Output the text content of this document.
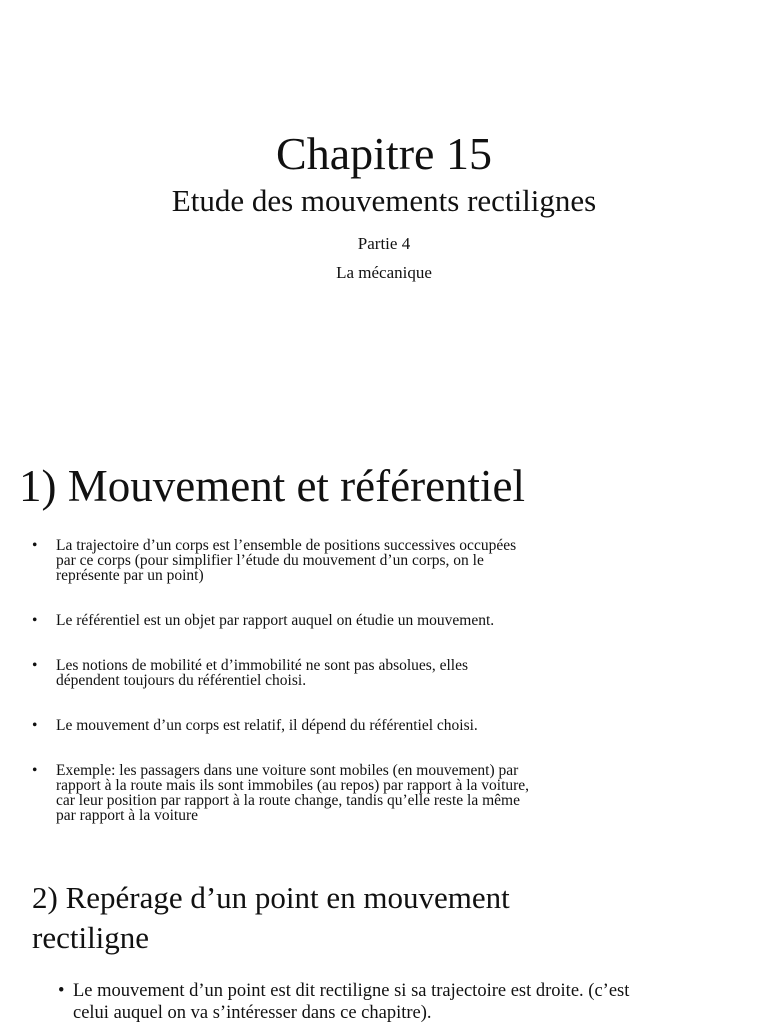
Chapitre 15
Etude des mouvements rectilignes
Partie 4
La mécanique
1) Mouvement et référentiel
• La trajectoire d’un corps est l’ensemble de positions successives occupées
par ce corps (pour simplifier l’étude du mouvement d’un corps, on le
représente par un point)
• Le référentiel est un objet par rapport auquel on étudie un mouvement.
• Les notions de mobilité et d’immobilité ne sont pas absolues, elles
dépendent toujours du référentiel choisi.
• Le mouvement d’un corps est relatif, il dépend du référentiel choisi.
• Exemple: les passagers dans une voiture sont mobiles (en mouvement) par
rapport à la route mais ils sont immobiles (au repos) par rapport à la voiture,
car leur position par rapport à la route change, tandis qu’elle reste la même
par rapport à la voiture
2) Repérage d’un point en mouvement
rectiligne
• Le mouvement d’un point est dit rectiligne si sa trajectoire est droite. (c’est
celui auquel on va s’intéresser dans ce chapitre).
